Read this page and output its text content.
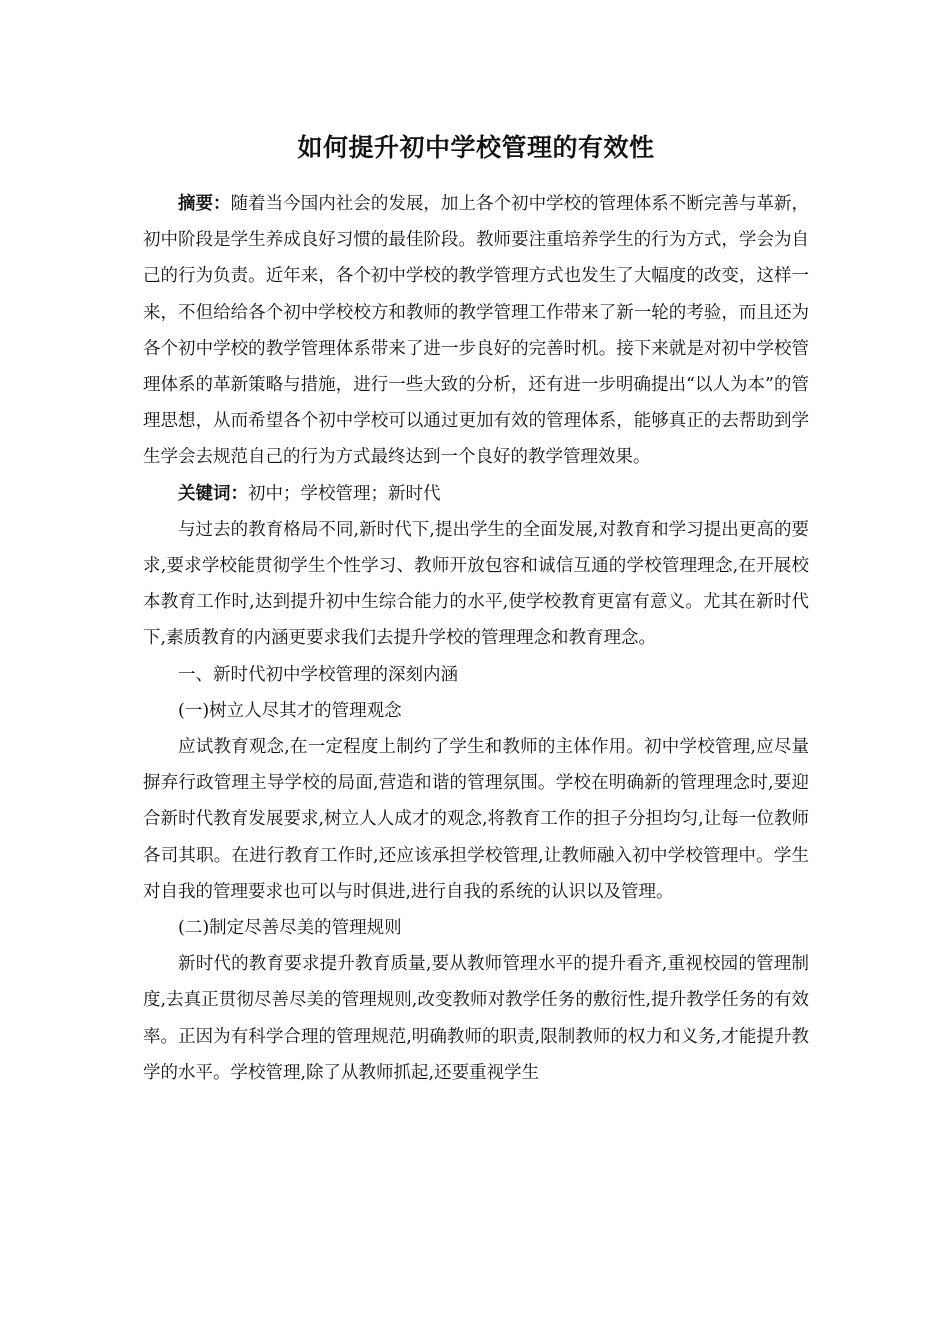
如何提升初中学校管理的有效性

摘要：随着当今国内社会的发展，加上各个初中学校的管理体系不断完善与革新，初中阶段是学生养成良好习惯的最佳阶段。教师要注重培养学生的行为方式，学会为自己的行为负责。近年来，各个初中学校的教学管理方式也发生了大幅度的改变，这样一来，不但给给各个初中学校校方和教师的教学管理工作带来了新一轮的考验，而且还为各个初中学校的教学管理体系带来了进一步良好的完善时机。接下来就是对初中学校管理体系的革新策略与措施，进行一些大致的分析，还有进一步明确提出“以人为本”的管理思想，从而希望各个初中学校可以通过更加有效的管理体系，能够真正的去帮助到学生学会去规范自己的行为方式最终达到一个良好的教学管理效果。

关键词：初中；学校管理；新时代

与过去的教育格局不同,新时代下,提出学生的全面发展,对教育和学习提出更高的要求,要求学校能贯彻学生个性学习、教师开放包容和诚信互通的学校管理理念,在开展校本教育工作时,达到提升初中生综合能力的水平,使学校教育更富有意义。尤其在新时代下,素质教育的内涵更要求我们去提升学校的管理理念和教育理念。

一、新时代初中学校管理的深刻内涵

(一)树立人尽其才的管理观念

应试教育观念,在一定程度上制约了学生和教师的主体作用。初中学校管理,应尽量摒弃行政管理主导学校的局面,营造和谐的管理氛围。学校在明确新的管理理念时,要迎合新时代教育发展要求,树立人人成才的观念,将教育工作的担子分担均匀,让每一位教师各司其职。在进行教育工作时,还应该承担学校管理,让教师融入初中学校管理中。学生对自我的管理要求也可以与时俱进,进行自我的系统的认识以及管理。

(二)制定尽善尽美的管理规则

新时代的教育要求提升教育质量,要从教师管理水平的提升看齐,重视校园的管理制度,去真正贯彻尽善尽美的管理规则,改变教师对教学任务的敷衍性,提升教学任务的有效率。正因为有科学合理的管理规范,明确教师的职责,限制教师的权力和义务,才能提升教学的水平。学校管理,除了从教师抓起,还要重视学生
